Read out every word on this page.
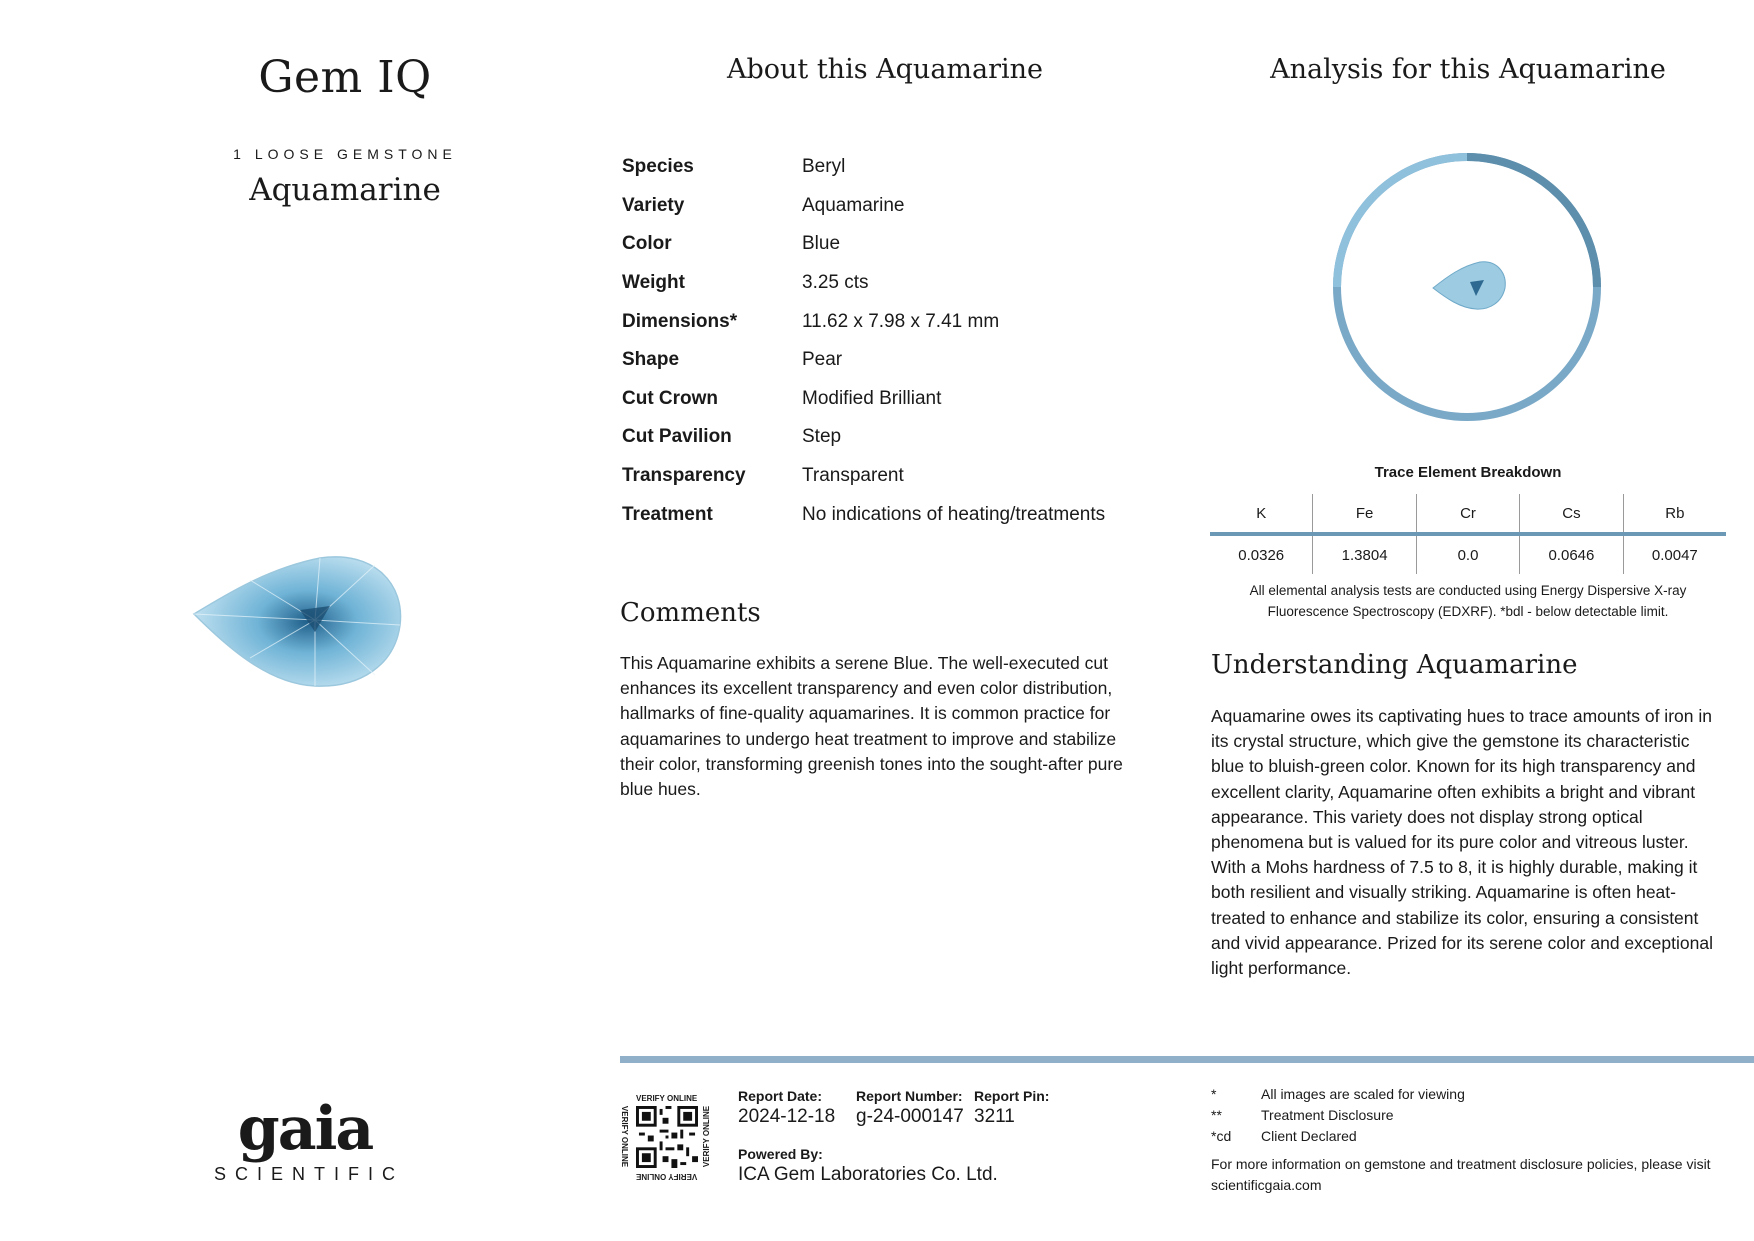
Gem IQ
1 LOOSE GEMSTONE
Aquamarine
gaia
SCIENTIFIC
About this Aquamarine
Species	Beryl
Variety	Aquamarine
Color	Blue
Weight	3.25 cts
Dimensions*	11.62 x 7.98 x 7.41 mm
Shape	Pear
Cut Crown	Modified Brilliant
Cut Pavilion	Step
Transparency	Transparent
Treatment	No indications of heating/treatments
Comments
This Aquamarine exhibits a serene Blue. The well-executed cut enhances its excellent transparency and even color distribution, hallmarks of fine-quality aquamarines. It is common practice for aquamarines to undergo heat treatment to improve and stabilize their color, transforming greenish tones into the sought-after pure blue hues.
Analysis for this Aquamarine
Trace Element Breakdown
K	Fe	Cr	Cs	Rb
0.0326	1.3804	0.0	0.0646	0.0047
All elemental analysis tests are conducted using Energy Dispersive X-ray Fluorescence Spectroscopy (EDXRF). *bdl - below detectable limit.
Understanding Aquamarine
Aquamarine owes its captivating hues to trace amounts of iron in its crystal structure, which give the gemstone its characteristic blue to bluish-green color. Known for its high transparency and excellent clarity, Aquamarine often exhibits a bright and vibrant appearance. This variety does not display strong optical phenomena but is valued for its pure color and vitreous luster. With a Mohs hardness of 7.5 to 8, it is highly durable, making it both resilient and visually striking. Aquamarine is often heat-treated to enhance and stabilize its color, ensuring a consistent and vivid appearance. Prized for its serene color and exceptional light performance.
VERIFY ONLINE
VERIFY ONLINE
VERIFY ONLINE	VERIFY ONLINE
Report Date:
2024-12-18
Report Number:
g-24-000147
Report Pin:
3211
Powered By:
ICA Gem Laboratories Co. Ltd.
*	All images are scaled for viewing
**	Treatment Disclosure
*cd	Client Declared
For more information on gemstone and treatment disclosure policies, please visit scientificgaia.com
